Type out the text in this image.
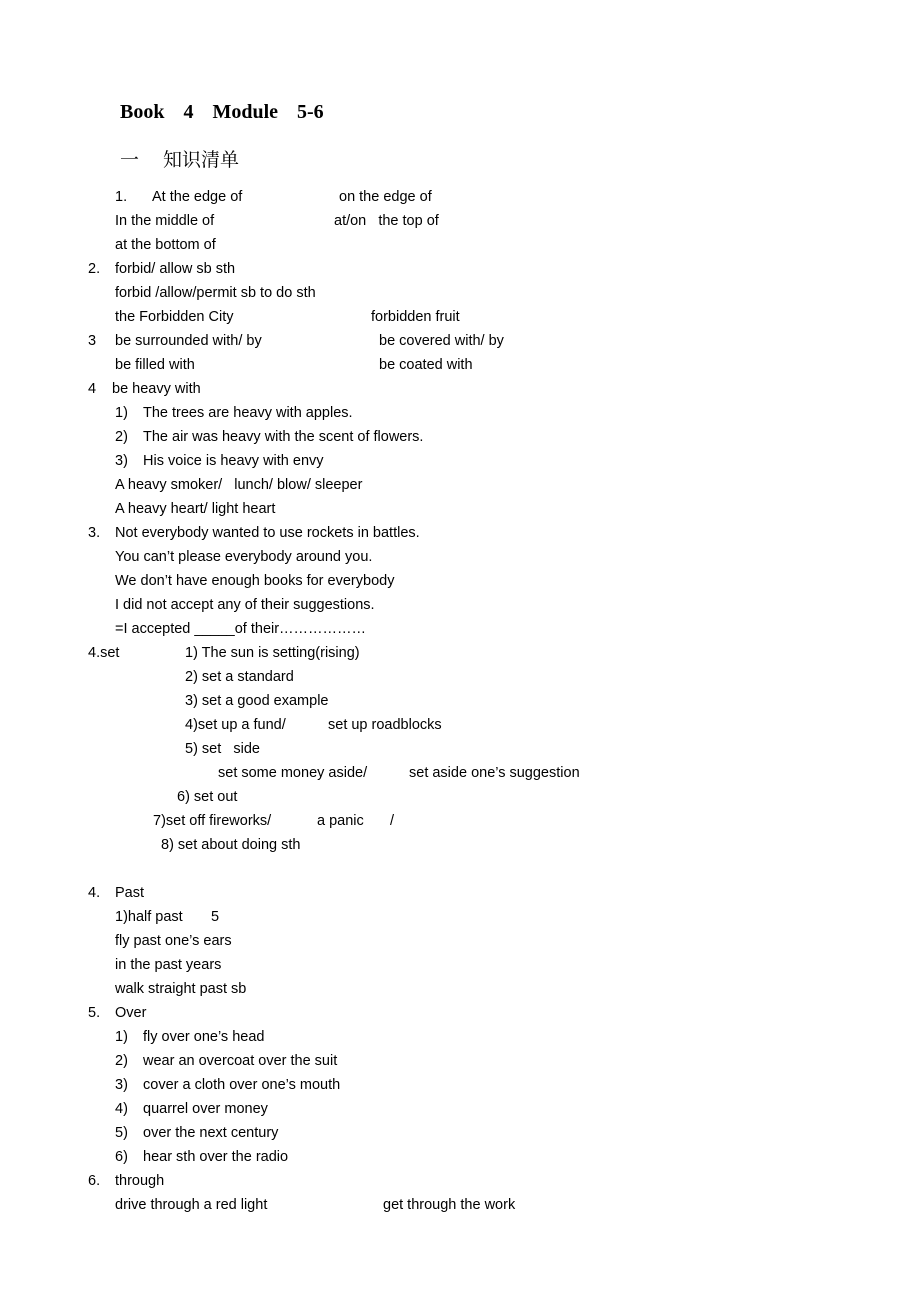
Book 4 Module 5-6
一 知识清单
1. At the edge of	on the edge of
In the middle of	at/on   the top of
at the bottom of
2. forbid/ allow sb sth
forbid /allow/permit sb to do sth
the Forbidden City	forbidden fruit
3 be surrounded with/ by	be covered with/ by
be filled with	be coated with
4 be heavy with
1) The trees are heavy with apples.
2) The air was heavy with the scent of flowers.
3) His voice is heavy with envy
A heavy smoker/   lunch/ blow/ sleeper
A heavy heart/ light heart
3. Not everybody wanted to use rockets in battles.
You can’t please everybody around you.
We don’t have enough books for everybody
I did not accept any of their suggestions.
=I accepted _____of their………………
4.set	1) The sun is setting(rising)
2) set a standard
3) set a good example
4)set up a fund/	set up roadblocks
5) set   side
set some money aside/	set aside one’s suggestion
6) set out
7)set off fireworks/	a panic /
8) set about doing sth
4. Past
1)half past 5
fly past one’s ears
in the past years
walk straight past sb
5. Over
1) fly over one’s head
2) wear an overcoat over the suit
3) cover a cloth over one’s mouth
4) quarrel over money
5) over the next century
6) hear sth over the radio
6. through
drive through a red light	get through the work
